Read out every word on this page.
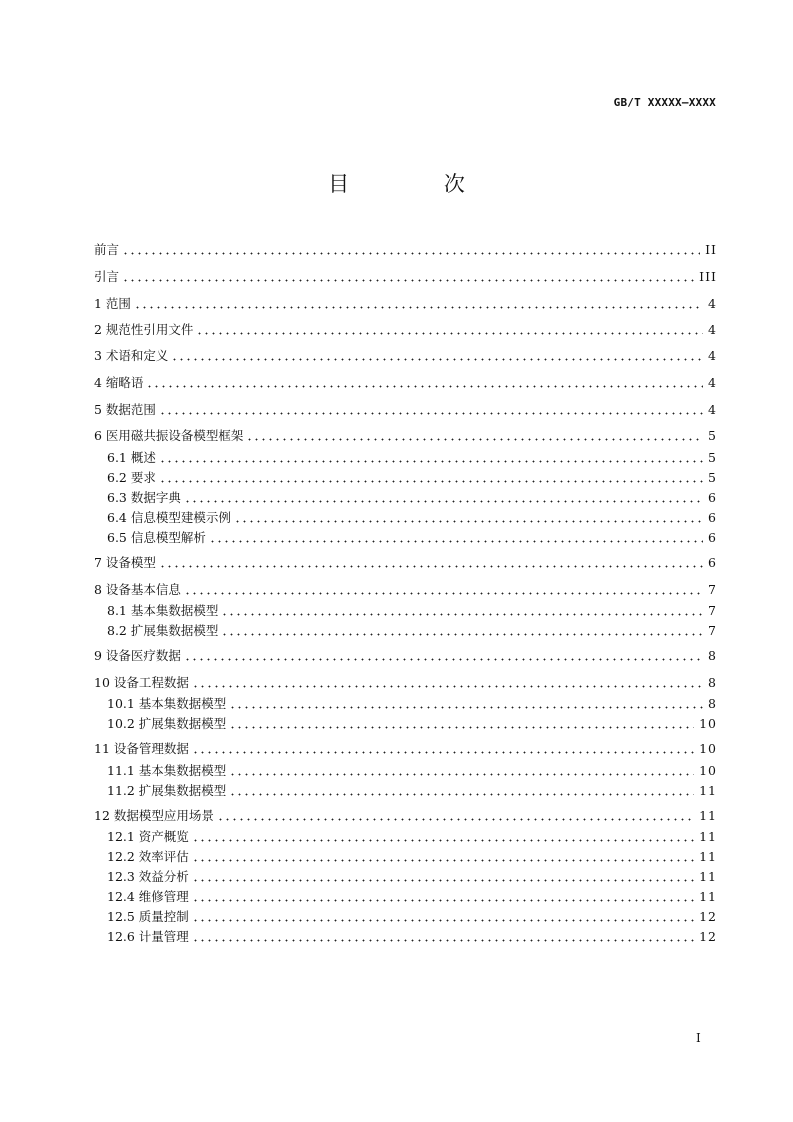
GB/T XXXXX—XXXX
目 次
前言	II
引言	III
1 范围	4
2 规范性引用文件	4
3 术语和定义	4
4 缩略语	4
5 数据范围	4
6 医用磁共振设备模型框架	5
6.1 概述	5
6.2 要求	5
6.3 数据字典	6
6.4 信息模型建模示例	6
6.5 信息模型解析	6
7 设备模型	6
8 设备基本信息	7
8.1 基本集数据模型	7
8.2 扩展集数据模型	7
9 设备医疗数据	8
10 设备工程数据	8
10.1 基本集数据模型	8
10.2 扩展集数据模型	10
11 设备管理数据	10
11.1 基本集数据模型	10
11.2 扩展集数据模型	11
12 数据模型应用场景	11
12.1 资产概览	11
12.2 效率评估	11
12.3 效益分析	11
12.4 维修管理	11
12.5 质量控制	12
12.6 计量管理	12
I
